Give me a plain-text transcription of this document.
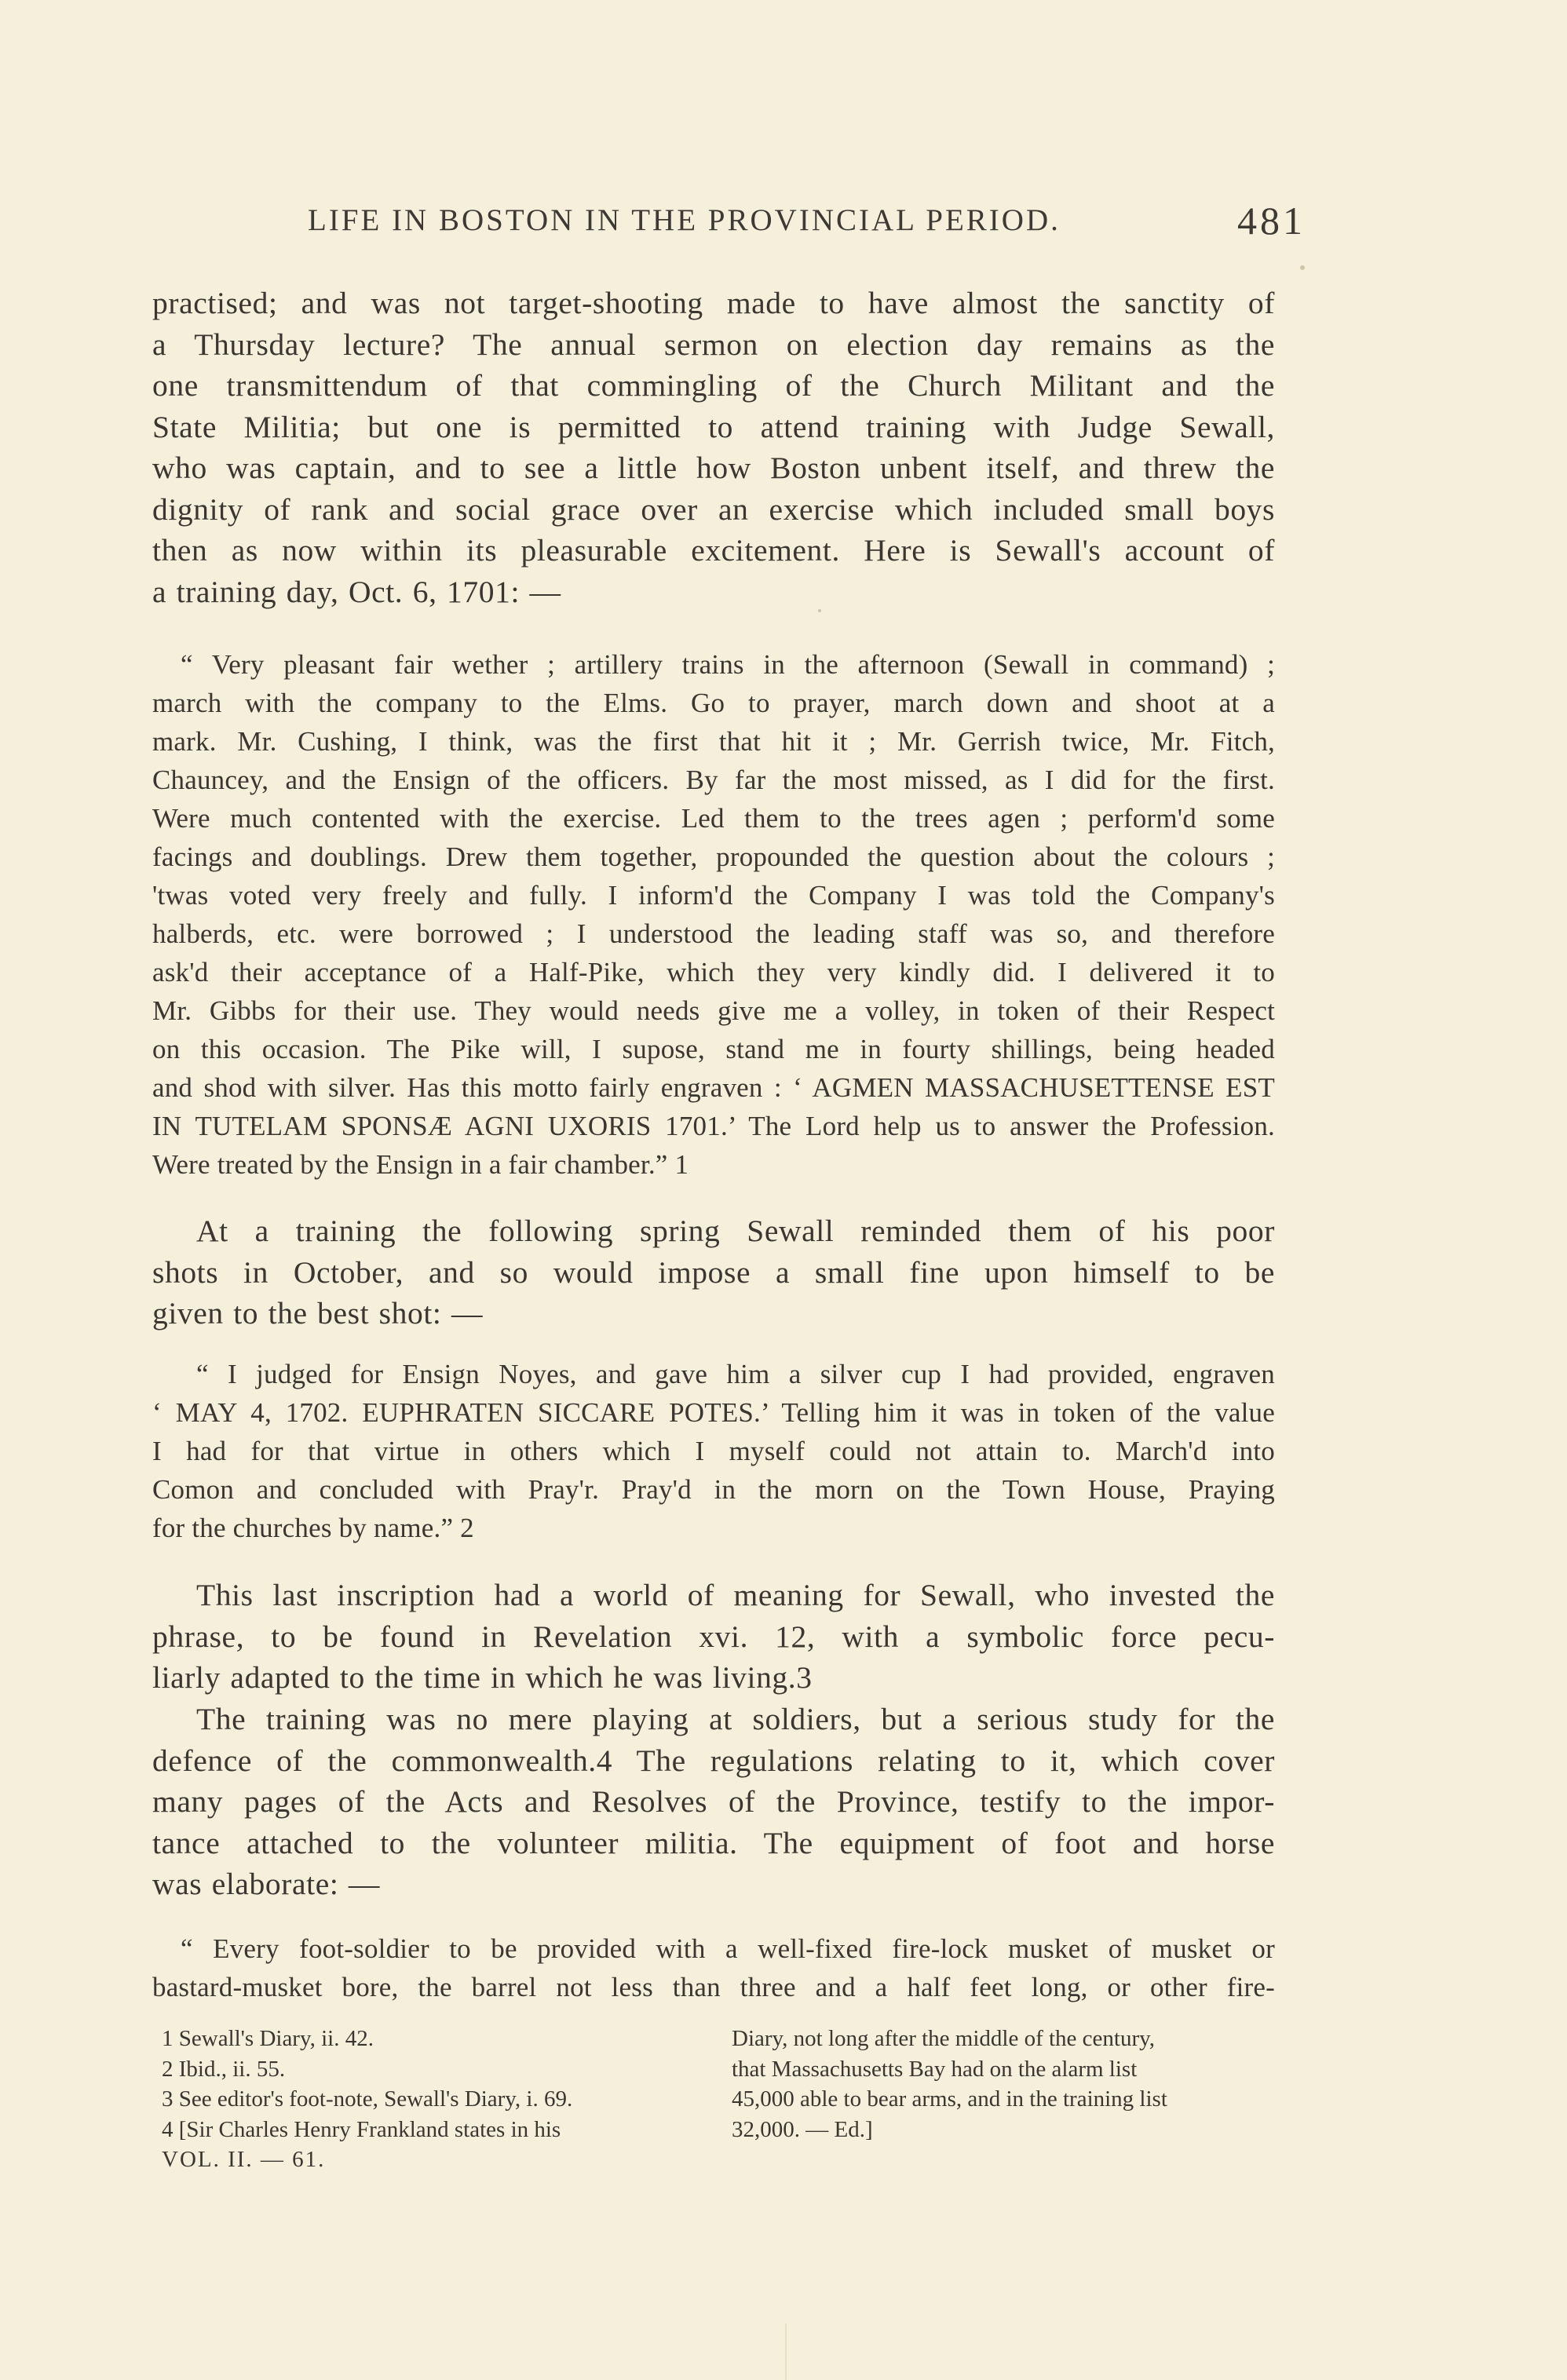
LIFE IN BOSTON IN THE PROVINCIAL PERIOD.	481
practised; and was not target-shooting made to have almost the sanctity of
a Thursday lecture? The annual sermon on election day remains as the
one transmittendum of that commingling of the Church Militant and the
State Militia; but one is permitted to attend training with Judge Sewall,
who was captain, and to see a little how Boston unbent itself, and threw the
dignity of rank and social grace over an exercise which included small boys
then as now within its pleasurable excitement. Here is Sewall's account of
a training day, Oct. 6, 1701: —
“ Very pleasant fair wether ; artillery trains in the afternoon (Sewall in command) ;
march with the company to the Elms. Go to prayer, march down and shoot at a
mark. Mr. Cushing, I think, was the first that hit it ; Mr. Gerrish twice, Mr. Fitch,
Chauncey, and the Ensign of the officers. By far the most missed, as I did for the first.
Were much contented with the exercise. Led them to the trees agen ; perform'd some
facings and doublings. Drew them together, propounded the question about the colours ;
'twas voted very freely and fully. I inform'd the Company I was told the Company's
halberds, etc. were borrowed ; I understood the leading staff was so, and therefore
ask'd their acceptance of a Half-Pike, which they very kindly did. I delivered it to
Mr. Gibbs for their use. They would needs give me a volley, in token of their Respect
on this occasion. The Pike will, I supose, stand me in fourty shillings, being headed
and shod with silver. Has this motto fairly engraven : ‘ AGMEN MASSACHUSETTENSE EST
IN TUTELAM SPONSÆ AGNI UXORIS 1701.’ The Lord help us to answer the Profession.
Were treated by the Ensign in a fair chamber.” 1
At a training the following spring Sewall reminded them of his poor
shots in October, and so would impose a small fine upon himself to be
given to the best shot: —
“ I judged for Ensign Noyes, and gave him a silver cup I had provided, engraven
‘ MAY 4, 1702. EUPHRATEN SICCARE POTES.’ Telling him it was in token of the value
I had for that virtue in others which I myself could not attain to. March'd into
Comon and concluded with Pray'r. Pray'd in the morn on the Town House, Praying
for the churches by name.” 2
This last inscription had a world of meaning for Sewall, who invested the
phrase, to be found in Revelation xvi. 12, with a symbolic force pecu-
liarly adapted to the time in which he was living.3
The training was no mere playing at soldiers, but a serious study for the
defence of the commonwealth.4 The regulations relating to it, which cover
many pages of the Acts and Resolves of the Province, testify to the impor-
tance attached to the volunteer militia. The equipment of foot and horse
was elaborate: —
“ Every foot-soldier to be provided with a well-fixed fire-lock musket of musket or
bastard-musket bore, the barrel not less than three and a half feet long, or other fire-
1 Sewall's Diary, ii. 42.
2 Ibid., ii. 55.
3 See editor's foot-note, Sewall's Diary, i. 69.
4 [Sir Charles Henry Frankland states in his
VOL. II. — 61.
Diary, not long after the middle of the century,
that Massachusetts Bay had on the alarm list
45,000 able to bear arms, and in the training list
32,000. — Ed.]
